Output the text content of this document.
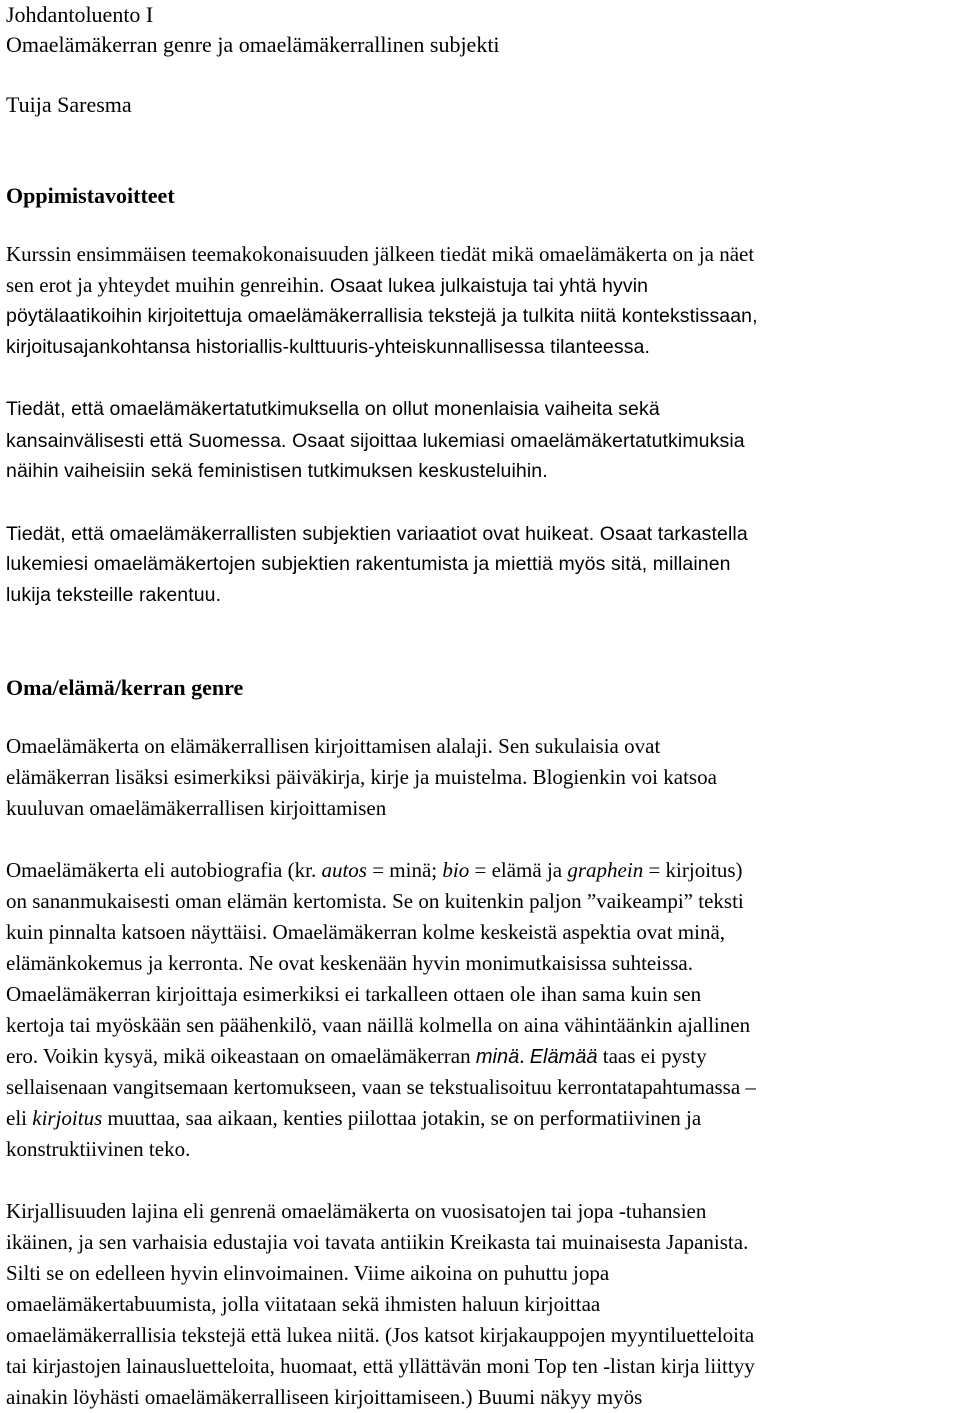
Johdantoluento I
Omaelämäkerran genre ja omaelämäkerrallinen subjekti
Tuija Saresma
Oppimistavoitteet
Kurssin ensimmäisen teemakokonaisuuden jälkeen tiedät mikä omaelämäkerta on ja näet
sen erot ja yhteydet muihin genreihin. Osaat lukea julkaistuja tai yhtä hyvin
pöytälaatikoihin kirjoitettuja omaelämäkerrallisia tekstejä ja tulkita niitä kontekstissaan,
kirjoitusajankohtansa historiallis-kulttuuris-yhteiskunnallisessa tilanteessa.
Tiedät, että omaelämäkertatutkimuksella on ollut monenlaisia vaiheita sekä
kansainvälisesti että Suomessa. Osaat sijoittaa lukemiasi omaelämäkertatutkimuksia
näihin vaiheisiin sekä feministisen tutkimuksen keskusteluihin.
Tiedät, että omaelämäkerrallisten subjektien variaatiot ovat huikeat. Osaat tarkastella
lukemiesi omaelämäkertojen subjektien rakentumista ja miettiä myös sitä, millainen
lukija teksteille rakentuu.
Oma/elämä/kerran genre
Omaelämäkerta on elämäkerrallisen kirjoittamisen alalaji. Sen sukulaisia ovat
elämäkerran lisäksi esimerkiksi päiväkirja, kirje ja muistelma. Blogienkin voi katsoa
kuuluvan omaelämäkerrallisen kirjoittamisen
Omaelämäkerta eli autobiografia (kr. autos = minä; bio = elämä ja graphein = kirjoitus)
on sananmukaisesti oman elämän kertomista. Se on kuitenkin paljon ”vaikeampi” teksti
kuin pinnalta katsoen näyttäisi. Omaelämäkerran kolme keskeistä aspektia ovat minä,
elämänkokemus ja kerronta. Ne ovat keskenään hyvin monimutkaisissa suhteissa.
Omaelämäkerran kirjoittaja esimerkiksi ei tarkalleen ottaen ole ihan sama kuin sen
kertoja tai myöskään sen päähenkilö, vaan näillä kolmella on aina vähintäänkin ajallinen
ero. Voikin kysyä, mikä oikeastaan on omaelämäkerran minä. Elämää taas ei pysty
sellaisenaan vangitsemaan kertomukseen, vaan se tekstualisoituu kerrontatapahtumassa –
eli kirjoitus muuttaa, saa aikaan, kenties piilottaa jotakin, se on performatiivinen ja
konstruktiivinen teko.
Kirjallisuuden lajina eli genrenä omaelämäkerta on vuosisatojen tai jopa -tuhansien
ikäinen, ja sen varhaisia edustajia voi tavata antiikin Kreikasta tai muinaisesta Japanista.
Silti se on edelleen hyvin elinvoimainen. Viime aikoina on puhuttu jopa
omaelämäkertabuumista, jolla viitataan sekä ihmisten haluun kirjoittaa
omaelämäkerrallisia tekstejä että lukea niitä. (Jos katsot kirjakauppojen myyntiluetteloita
tai kirjastojen lainausluetteloita, huomaat, että yllättävän moni Top ten -listan kirja liittyy
ainakin löyhästi omaelämäkerralliseen kirjoittamiseen.) Buumi näkyy myös
